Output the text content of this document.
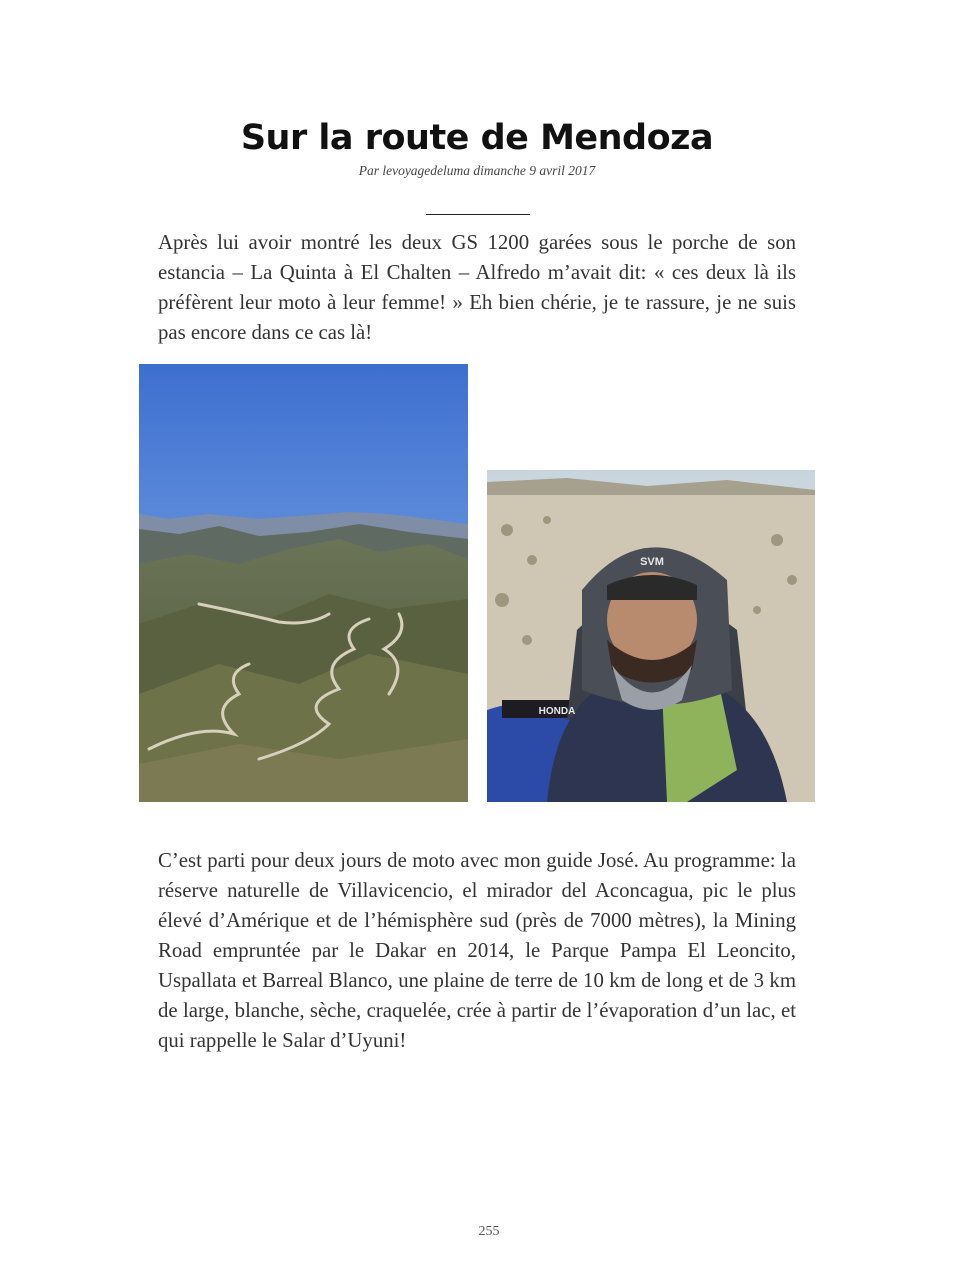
Sur la route de Mendoza
Par levoyagedeluma dimanche 9 avril 2017

Après lui avoir montré les deux GS 1200 garées sous le porche de son estancia – La Quinta à El Chalten – Alfredo m’avait dit: « ces deux là ils préfèrent leur moto à leur femme! » Eh bien chérie, je te rassure, je ne suis pas encore dans ce cas là!

SVM
HONDA

C’est parti pour deux jours de moto avec mon guide José. Au programme: la réserve naturelle de Villavicencio, el mirador del Aconcagua, pic le plus élevé d’Amérique et de l’hémisphère sud (près de 7000 mètres), la Mining Road empruntée par le Dakar en 2014, le Parque Pampa El Leoncito, Uspallata et Barreal Blanco, une plaine de terre de 10 km de long et de 3 km de large, blanche, sèche, craquelée, crée à partir de l’évaporation d’un lac, et qui rappelle le Salar d’Uyuni!

255
